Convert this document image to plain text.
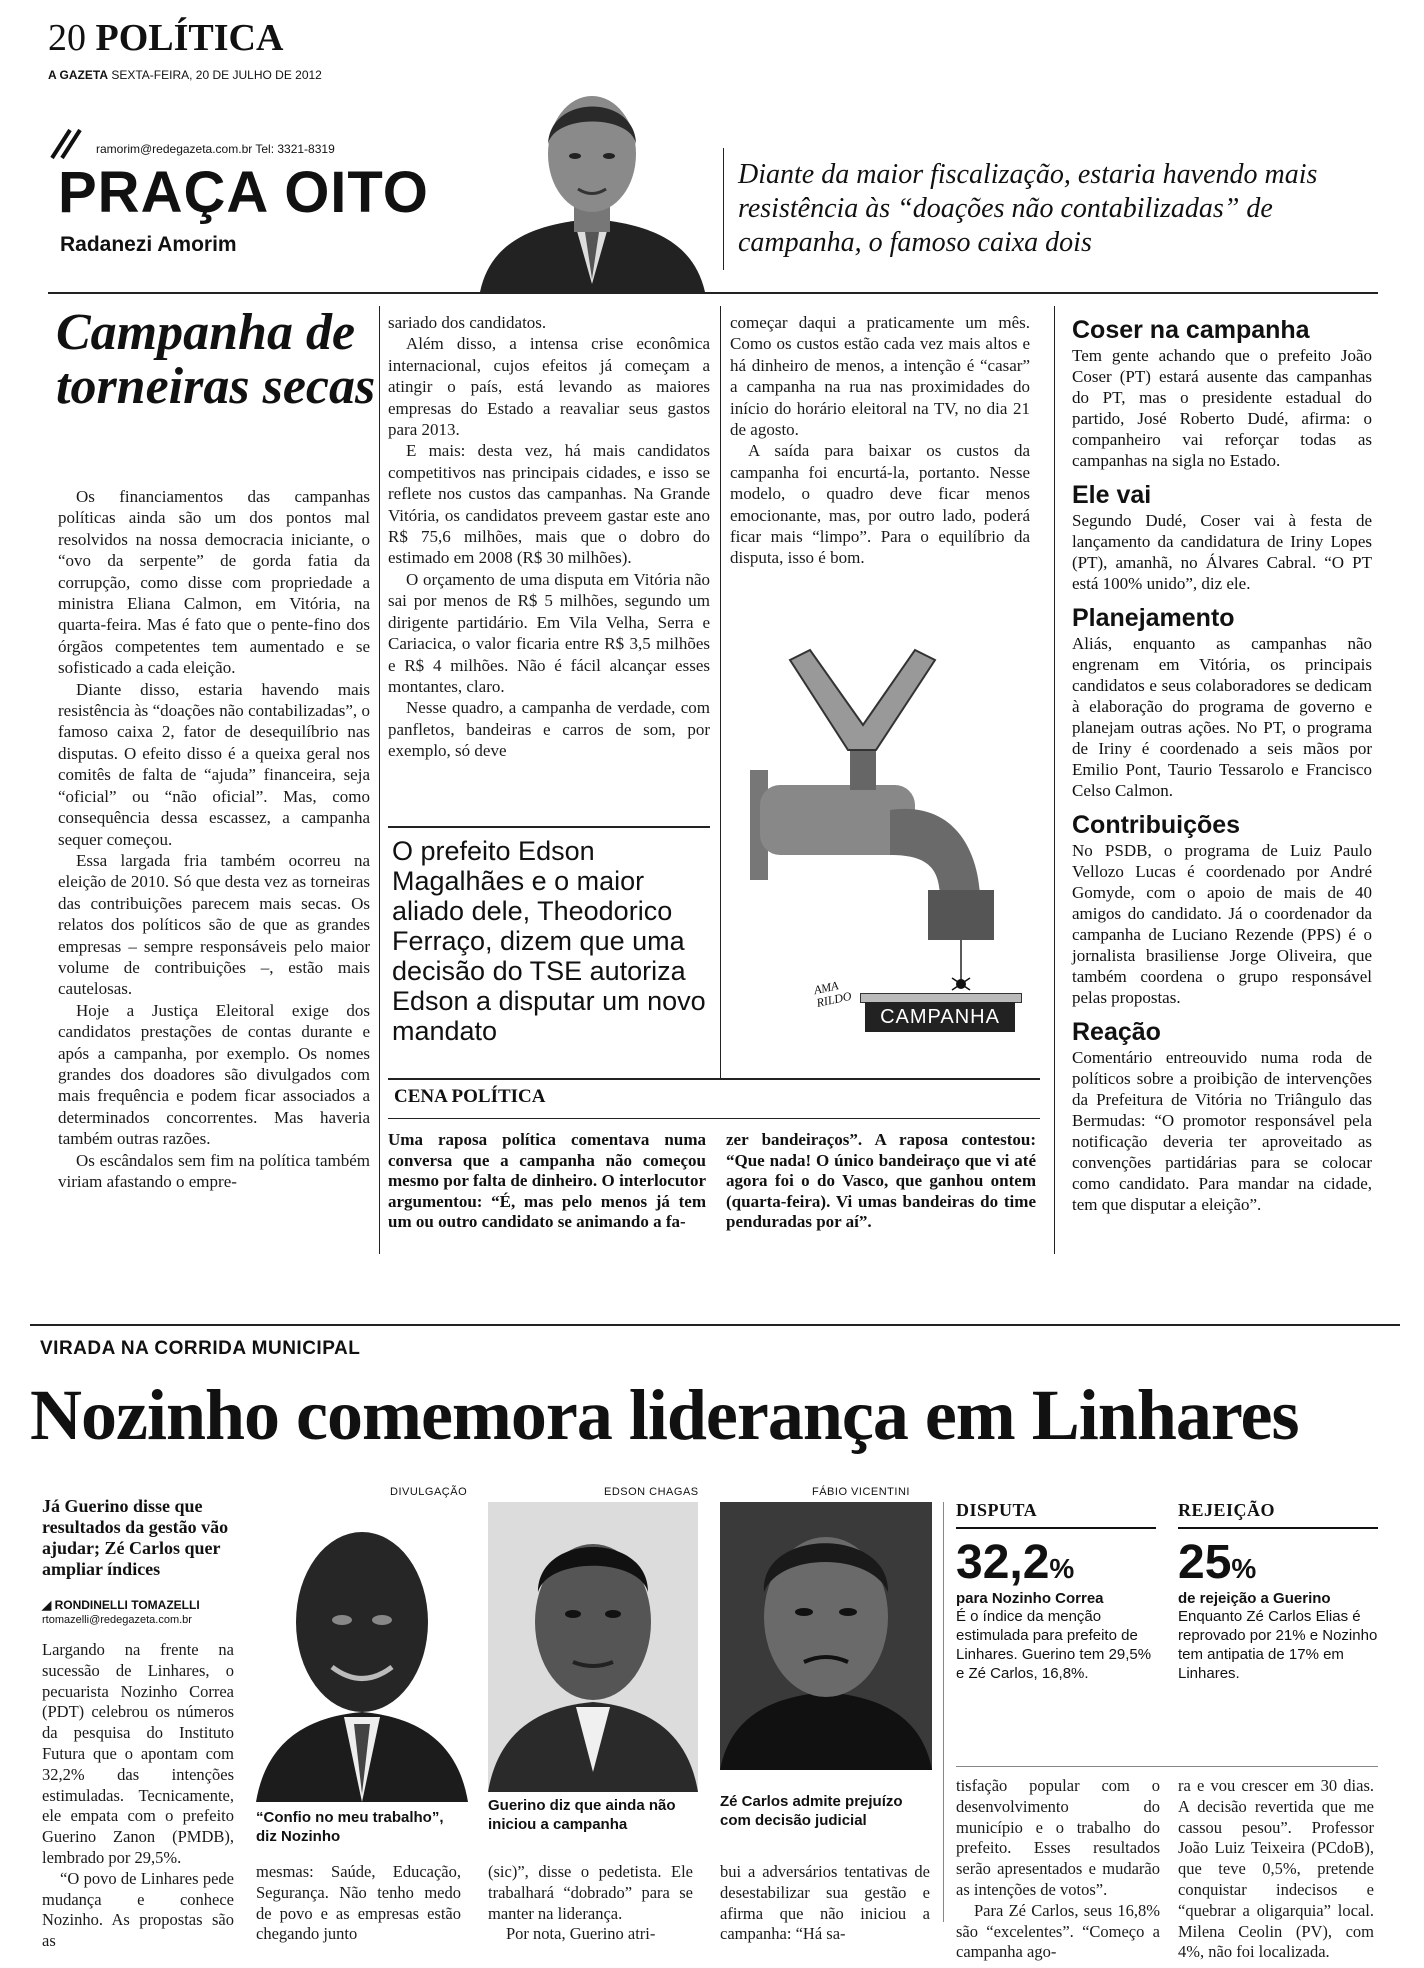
20 POLÍTICA
A GAZETA SEXTA-FEIRA, 20 DE JULHO DE 2012
ramorim@redegazeta.com.br Tel: 3321-8319
PRAÇA OITO
Radanezi Amorim
Diante da maior fiscalização, estaria havendo mais resistência às “doações não contabilizadas” de campanha, o famoso caixa dois
Campanha de torneiras secas

Os financiamentos das campanhas políticas ainda são um dos pontos mal resolvidos na nossa democracia iniciante, o “ovo da serpente” de gorda fatia da corrupção, como disse com propriedade a ministra Eliana Calmon, em Vitória, na quarta-feira. Mas é fato que o pente-fino dos órgãos competentes tem aumentado e se sofisticado a cada eleição.

Diante disso, estaria havendo mais resistência às “doações não contabilizadas”, o famoso caixa 2, fator de desequilíbrio nas disputas. O efeito disso é a queixa geral nos comitês de falta de “ajuda” financeira, seja “oficial” ou “não oficial”. Mas, como consequência dessa escassez, a campanha sequer começou.

Essa largada fria também ocorreu na eleição de 2010. Só que desta vez as torneiras das contribuições parecem mais secas. Os relatos dos políticos são de que as grandes empresas – sempre responsáveis pelo maior volume de contribuições –, estão mais cautelosas.

Hoje a Justiça Eleitoral exige dos candidatos prestações de contas durante e após a campanha, por exemplo. Os nomes grandes dos doadores são divulgados com mais frequência e podem ficar associados a determinados concorrentes. Mas haveria também outras razões.

Os escândalos sem fim na política também viriam afastando o empre-

sariado dos candidatos.

Além disso, a intensa crise econômica internacional, cujos efeitos já começam a atingir o país, está levando as maiores empresas do Estado a reavaliar seus gastos para 2013.

E mais: desta vez, há mais candidatos competitivos nas principais cidades, e isso se reflete nos custos das campanhas. Na Grande Vitória, os candidatos preveem gastar este ano R$ 75,6 milhões, mais que o dobro do estimado em 2008 (R$ 30 milhões).

O orçamento de uma disputa em Vitória não sai por menos de R$ 5 milhões, segundo um dirigente partidário. Em Vila Velha, Serra e Cariacica, o valor ficaria entre R$ 3,5 milhões e R$ 4 milhões. Não é fácil alcançar esses montantes, claro.

Nesse quadro, a campanha de verdade, com panfletos, bandeiras e carros de som, por exemplo, só deve

O prefeito Edson Magalhães e o maior aliado dele, Theodorico Ferraço, dizem que uma decisão do TSE autoriza Edson a disputar um novo mandato

começar daqui a praticamente um mês. Como os custos estão cada vez mais altos e há dinheiro de menos, a intenção é “casar” a campanha na rua nas proximidades do início do horário eleitoral na TV, no dia 21 de agosto.

A saída para baixar os custos da campanha foi encurtá-la, portanto. Nesse modelo, o quadro deve ficar menos emocionante, mas, por outro lado, poderá ficar mais “limpo”. Para o equilíbrio da disputa, isso é bom.

AMA RILDO
CAMPANHA
CENA POLÍTICA
Uma raposa política comentava numa conversa que a campanha não começou mesmo por falta de dinheiro. O interlocutor argumentou: “É, mas pelo menos já tem um ou outro candidato se animando a fa-
zer bandeiraços”. A raposa contestou: “Que nada! O único bandeiraço que vi até agora foi o do Vasco, que ganhou ontem (quarta-feira). Vi umas bandeiras do time penduradas por aí”.
Coser na campanha

Tem gente achando que o prefeito João Coser (PT) estará ausente das campanhas do PT, mas o presidente estadual do partido, José Roberto Dudé, afirma: o companheiro vai reforçar todas as campanhas na sigla no Estado.

Ele vai

Segundo Dudé, Coser vai à festa de lançamento da candidatura de Iriny Lopes (PT), amanhã, no Álvares Cabral. “O PT está 100% unido”, diz ele.

Planejamento

Aliás, enquanto as campanhas não engrenam em Vitória, os principais candidatos e seus colaboradores se dedicam à elaboração do programa de governo e planejam outras ações. No PT, o programa de Iriny é coordenado a seis mãos por Emilio Pont, Taurio Tessarolo e Francisco Celso Calmon.

Contribuições

No PSDB, o programa de Luiz Paulo Vellozo Lucas é coordenado por André Gomyde, com o apoio de mais de 40 amigos do candidato. Já o coordenador da campanha de Luciano Rezende (PPS) é o jornalista brasiliense Jorge Oliveira, que também coordena o grupo responsável pelas propostas.

Reação

Comentário entreouvido numa roda de políticos sobre a proibição de intervenções da Prefeitura de Vitória no Triângulo das Bermudas: “O promotor responsável pela notificação deveria ter aproveitado as convenções partidárias para se colocar como candidato. Para mandar na cidade, tem que disputar a eleição”.

VIRADA NA CORRIDA MUNICIPAL
Nozinho comemora liderança em Linhares
Já Guerino disse que resultados da gestão vão ajudar; Zé Carlos quer ampliar índices
◢ RONDINELLI TOMAZELLI
rtomazelli@redegazeta.com.br

Largando na frente na sucessão de Linhares, o pecuarista Nozinho Correa (PDT) celebrou os números da pesquisa do Instituto Futura que o apontam com 32,2% das intenções estimuladas. Tecnicamente, ele empata com o prefeito Guerino Zanon (PMDB), lembrado por 29,5%.

“O povo de Linhares pede mudança e conhece Nozinho. As propostas são as

DIVULGAÇÃO
“Confio no meu trabalho”, diz Nozinho
EDSON CHAGAS
Guerino diz que ainda não iniciou a campanha
FÁBIO VICENTINI
Zé Carlos admite prejuízo com decisão judicial

mesmas: Saúde, Educação, Segurança. Não tenho medo de povo e as empresas estão chegando junto

(sic)”, disse o pedetista. Ele trabalhará “dobrado” para se manter na liderança.

Por nota, Guerino atri-

bui a adversários tentativas de desestabilizar sua gestão e afirma que não iniciou a campanha: “Há sa-

DISPUTA
32,2%
para Nozinho Correa
É o índice da menção estimulada para prefeito de Linhares. Guerino tem 29,5% e Zé Carlos, 16,8%.
REJEIÇÃO
25%
de rejeição a Guerino
Enquanto Zé Carlos Elias é reprovado por 21% e Nozinho tem antipatia de 17% em Linhares.

tisfação popular com o desenvolvimento do município e o trabalho do prefeito. Esses resultados serão apresentados e mudarão as intenções de votos”.

Para Zé Carlos, seus 16,8% são “excelentes”. “Começo a campanha ago-

ra e vou crescer em 30 dias. A decisão revertida que me cassou pesou”. Professor João Luiz Teixeira (PCdoB), que teve 0,5%, pretende conquistar indecisos e “quebrar a oligarquia” local. Milena Ceolin (PV), com 4%, não foi localizada.
